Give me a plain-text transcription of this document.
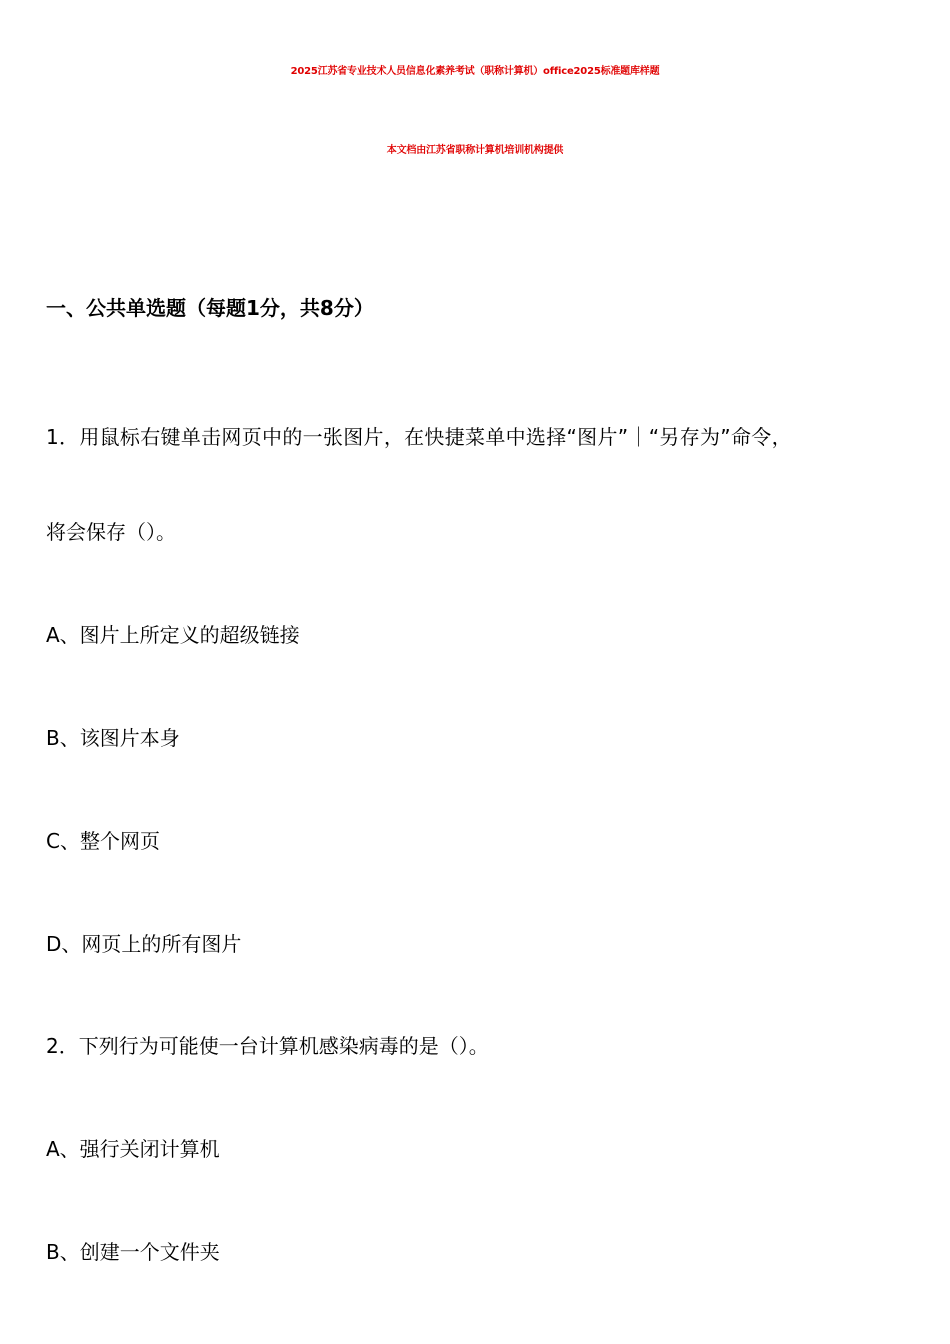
2025江苏省专业技术人员信息化素养考试（职称计算机）office2025标准题库样题
本文档由江苏省职称计算机培训机构提供
一、公共单选题（每题1分，共8分）
1．用鼠标右键单击网页中的一张图片，在快捷菜单中选择“图片”｜“另存为”命令，
将会保存（）。
A、图片上所定义的超级链接
B、该图片本身
C、整个网页
D、网页上的所有图片
2．下列行为可能使一台计算机感染病毒的是（）。
A、强行关闭计算机
B、创建一个文件夹
